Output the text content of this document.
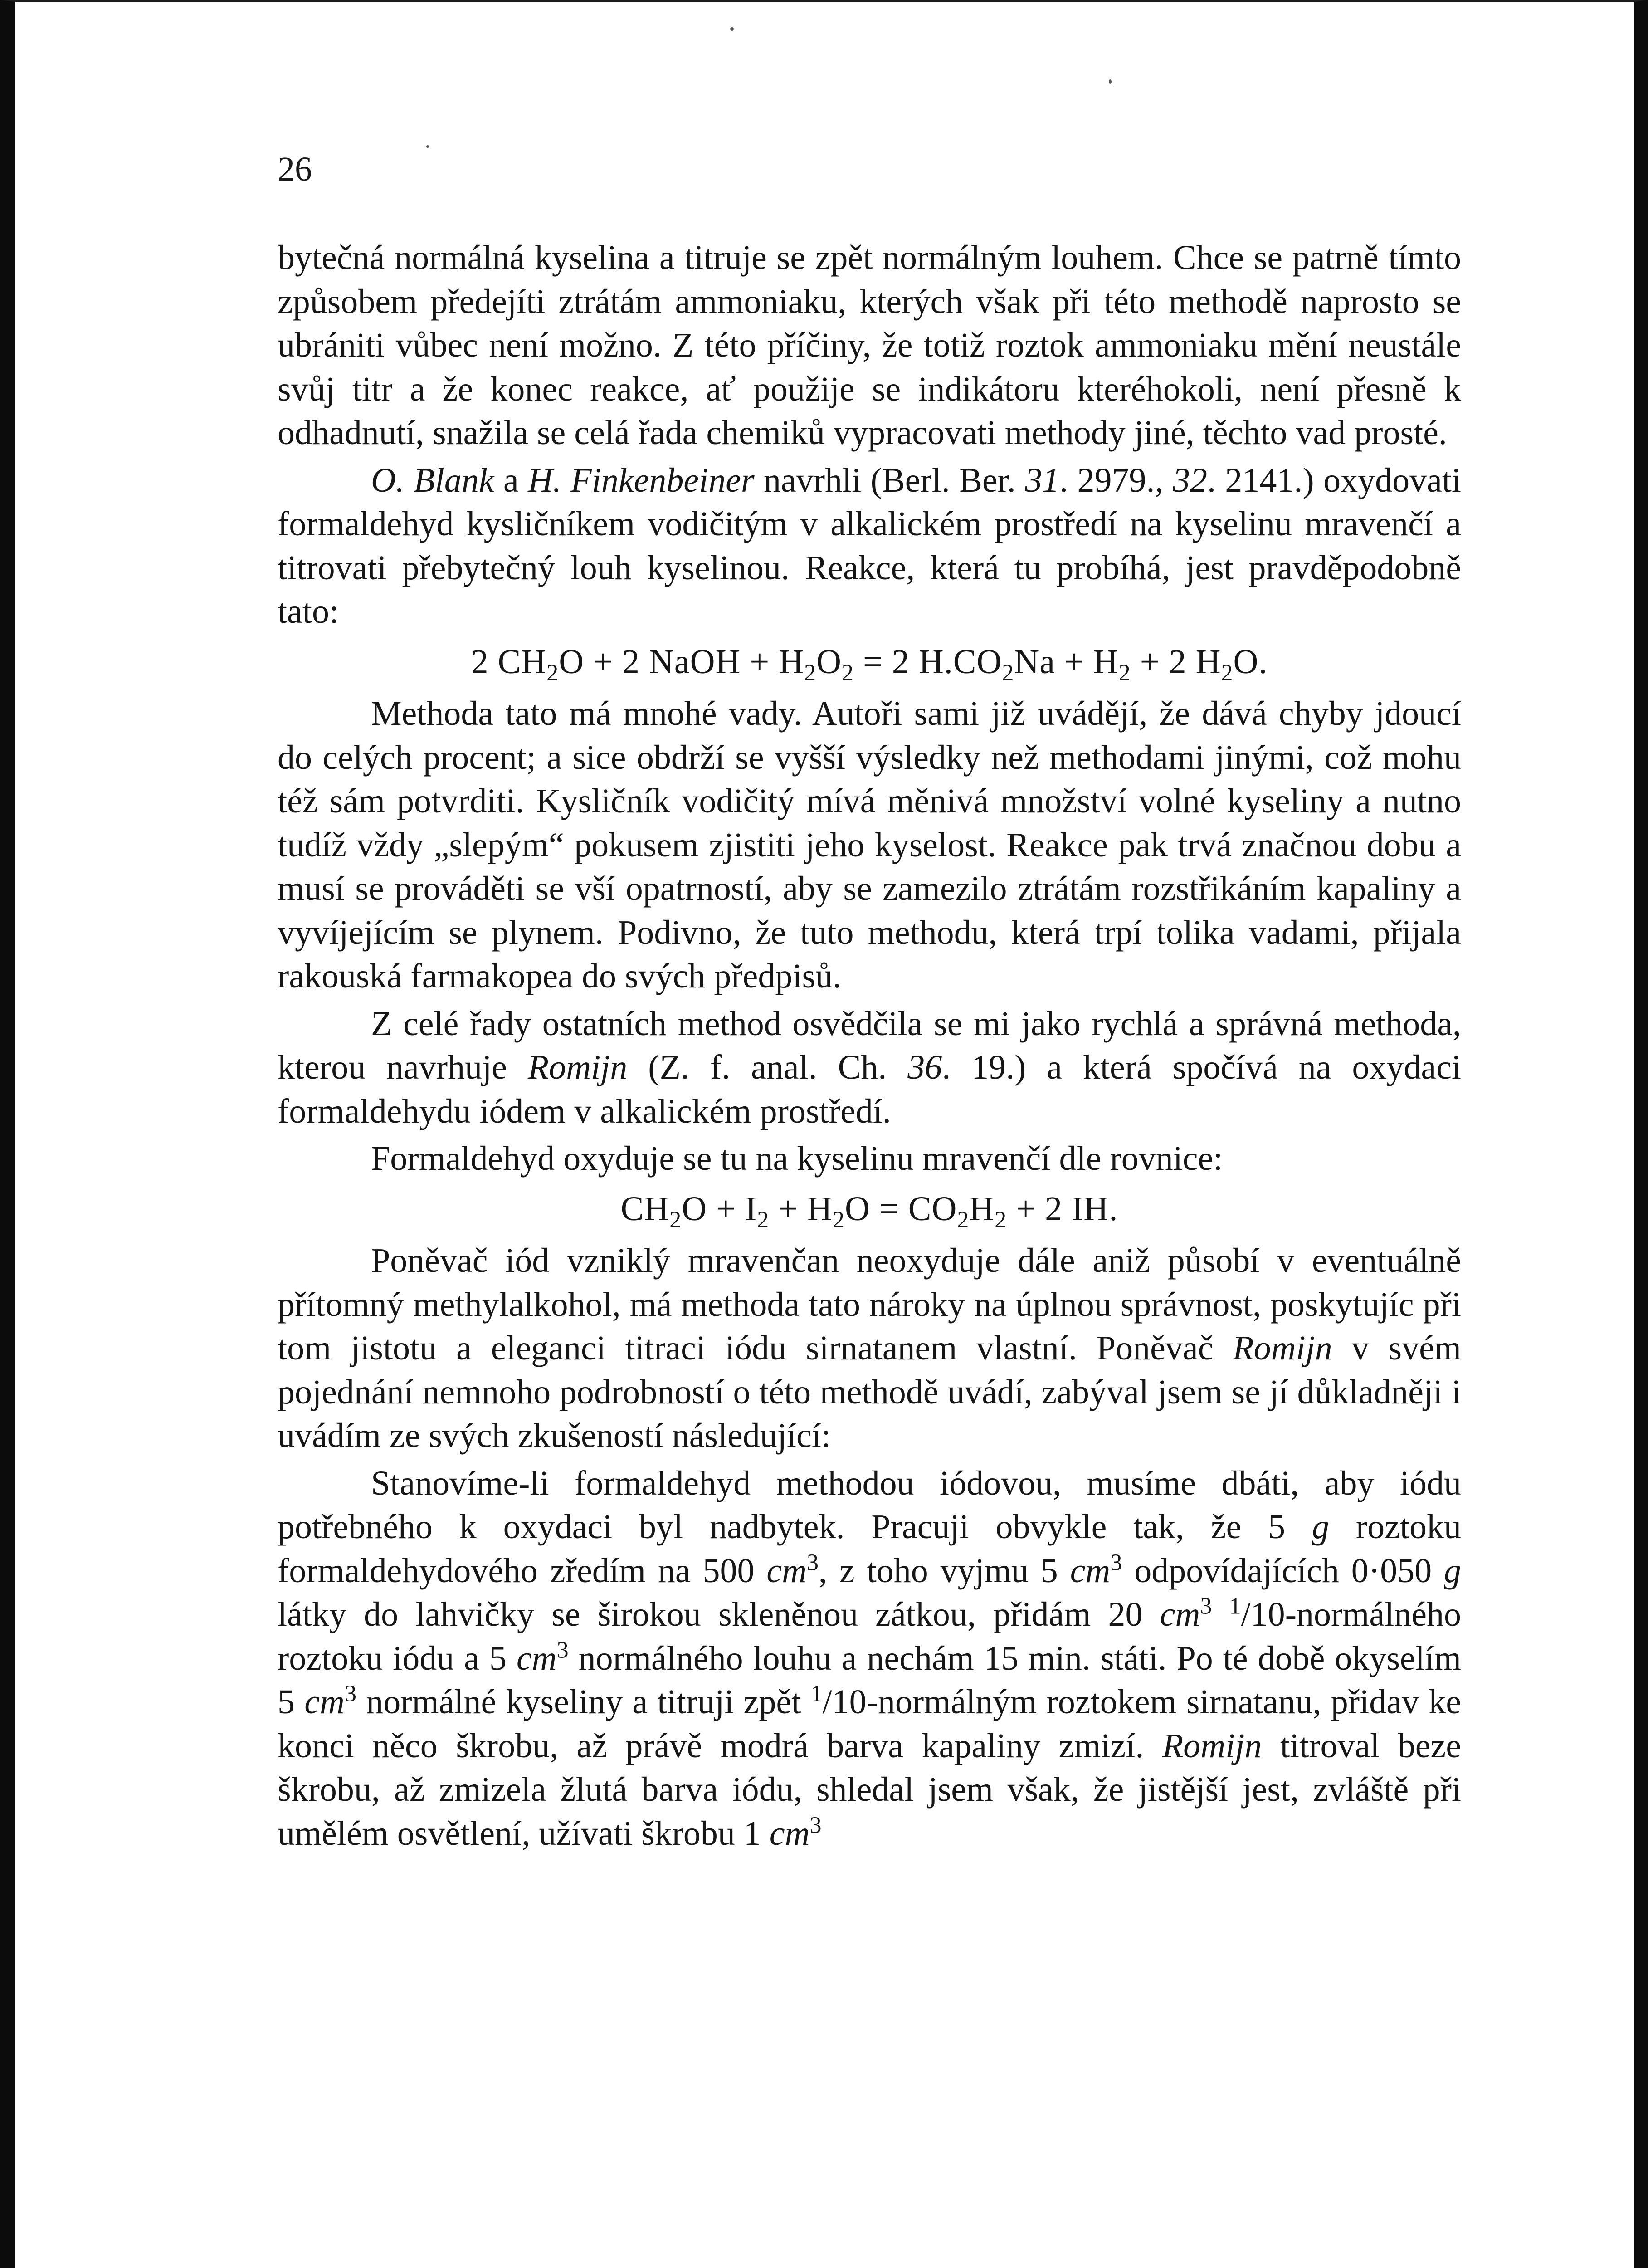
26

bytečná normálná kyselina a titruje se zpět normálným louhem. Chce se patrně tímto způsobem předejíti ztrátám ammoniaku, kterých však při této methodě naprosto se ubrániti vůbec není možno. Z této příčiny, že totiž roztok ammoniaku mění neustále svůj titr a že konec reakce, ať použije se indikátoru kteréhokoli, není přesně k odhadnutí, snažila se celá řada chemiků vypracovati methody jiné, těchto vad prosté.

O. Blank a H. Finkenbeiner navrhli (Berl. Ber. 31. 2979., 32. 2141.) oxydovati formaldehyd kysličníkem vodičitým v alkalickém prostředí na kyselinu mravenčí a titrovati přebytečný louh kyselinou. Reakce, která tu probíhá, jest pravděpodobně tato:

2 $CH_2O + 2$ NaOH + $H_2O_2 = 2$ $H.CO_2Na + H_2 + 2$ $H_2O$.

Methoda tato má mnohé vady. Autoři sami již uvádějí, že dává chyby jdoucí do celých procent; a sice obdrží se vyšší výsledky než methodami jinými, což mohu též sám potvrditi. Kysličník vodičitý mívá měnivá množství volné kyseliny a nutno tudíž vždy „slepým“ pokusem zjistiti jeho kyselost. Reakce pak trvá značnou dobu a musí se prováděti se vší opatrností, aby se zamezilo ztrátám rozstřikáním kapaliny a vyvíjejícím se plynem. Podivno, že tuto methodu, která trpí tolika vadami, přijala rakouská farmakopea do svých předpisů.

Z celé řady ostatních method osvědčila se mi jako rychlá a správná methoda, kterou navrhuje Romijn (Z. f. anal. Ch. 36. 19.) a která spočívá na oxydaci formaldehydu iódem v alkalickém prostředí.

Formaldehyd oxyduje se tu na kyselinu mravenčí dle rovnice:

$CH_2O + I_2 + H_2O = CO_2H_2 + 2$ IH.

Poněvač iód vzniklý mravenčan neoxyduje dále aniž působí v eventuálně přítomný methylalkohol, má methoda tato nároky na úplnou správnost, poskytujíc při tom jistotu a eleganci titraci iódu sirnatanem vlastní. Poněvač Romijn v svém pojednání nemnoho podrobností o této methodě uvádí, zabýval jsem se jí důkladněji i uvádím ze svých zkušeností následující:

Stanovíme-li formaldehyd methodou iódovou, musíme dbáti, aby iódu potřebného k oxydaci byl nadbytek. Pracuji obvykle tak, že 5 g roztoku formaldehydového zředím na 500 $cm^3$, z toho vyjmu 5 $cm^3$ odpovídajících 0·050 g látky do lahvičky se širokou skleněnou zátkou, přidám 20 $cm^3$ $^1$/10-normálného roztoku iódu a 5 $cm^3$ normálného louhu a nechám 15 min. státi. Po té době okyselím 5 $cm^3$ normálné kyseliny a titruji zpět $^1$/10-normálným roztokem sirnatanu, přidav ke konci něco škrobu, až právě modrá barva kapaliny zmizí. Romijn titroval beze škrobu, až zmizela žlutá barva iódu, shledal jsem však, že jistější jest, zvláště při umělém osvětlení, užívati škrobu 1 $cm^3$
